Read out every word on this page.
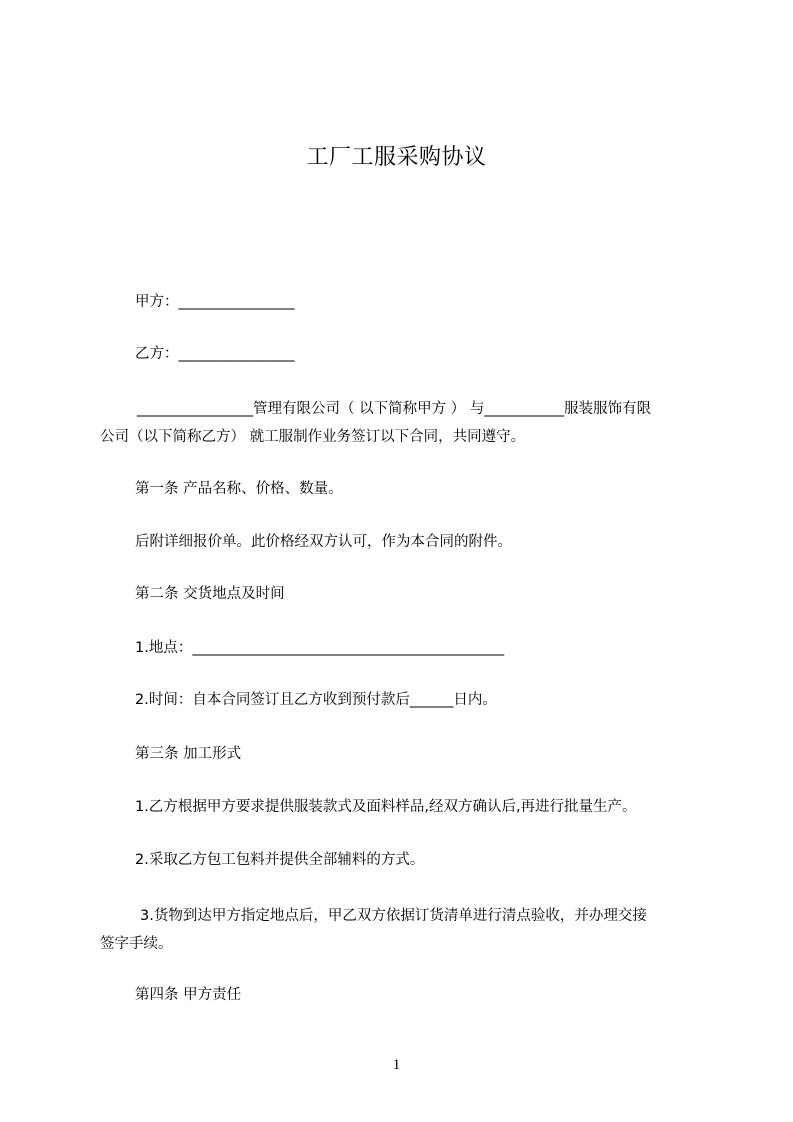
工厂工服采购协议
甲方：________________
乙方：________________
________________管理有限公司（ 以下简称甲方 ） 与___________服装服饰有限
公司（以下简称乙方） 就工服制作业务签订以下合同，共同遵守。
第一条 产品名称、价格、数量。
后附详细报价单。此价格经双方认可，作为本合同的附件。
第二条 交货地点及时间
1.地点：___________________________________________
2.时间：自本合同签订且乙方收到预付款后______日内。
第三条 加工形式
1.乙方根据甲方要求提供服装款式及面料样品,经双方确认后,再进行批量生产。
2.采取乙方包工包料并提供全部辅料的方式。
3.货物到达甲方指定地点后，甲乙双方依据订货清单进行清点验收，并办理交接
签字手续。
第四条 甲方责任
1
